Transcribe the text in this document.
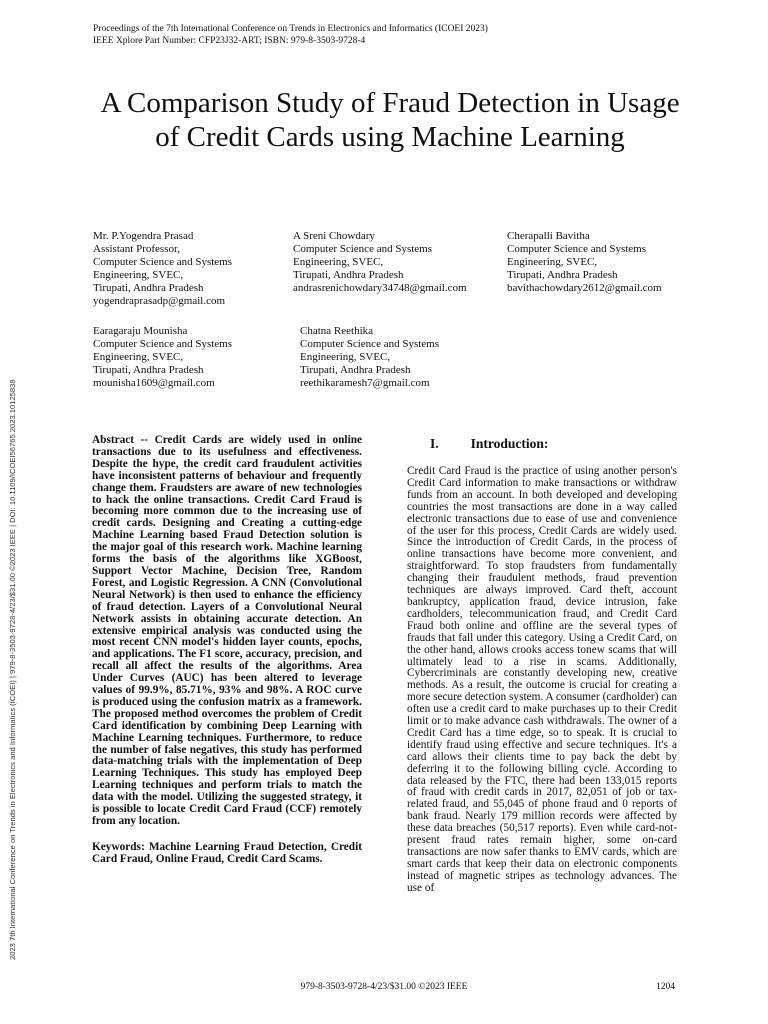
Proceedings of the 7th International Conference on Trends in Electronics and Informatics (ICOEI 2023)
IEEE Xplore Part Number: CFP23J32-ART; ISBN: 979-8-3503-9728-4
A Comparison Study of Fraud Detection in Usage of Credit Cards using Machine Learning
Mr. P.Yogendra Prasad
Assistant Professor,
Computer Science and Systems
Engineering, SVEC,
Tirupati, Andhra Pradesh
yogendraprasadp@gmail.com
A Sreni Chowdary
Computer Science and Systems
Engineering, SVEC,
Tirupati, Andhra Pradesh
andrasrenichowdary34748@gmail.com
Cherapalli Bavitha
Computer Science and Systems
Engineering, SVEC,
Tirupati, Andhra Pradesh
bavithachowdary2612@gmail.com
Earagaraju Mounisha
Computer Science and Systems
Engineering, SVEC,
Tirupati, Andhra Pradesh
mounisha1609@gmail.com
Chatna Reethika
Computer Science and Systems
Engineering, SVEC,
Tirupati, Andhra Pradesh
reethikaramesh7@gmail.com
2023 7th International Conference on Trends in Electronics and Informatics (ICOEI) | 979-8-3503-9728-4/23/$31.00 ©2023 IEEE | DOI: 10.1109/ICOEI56765.2023.10125838	Abstract -- Credit Cards are widely used in online transactions due to its usefulness and effectiveness. Despite the hype, the credit card fraudulent activities have inconsistent patterns of behaviour and frequently change them. Fraudsters are aware of new technologies to hack the online transactions. Credit Card Fraud is becoming more common due to the increasing use of credit cards. Designing and Creating a cutting-edge Machine Learning based Fraud Detection solution is the major goal of this research work. Machine learning forms the basis of the algorithms like XGBoost, Support Vector Machine, Decision Tree, Random Forest, and Logistic Regression. A CNN (Convolutional Neural Network) is then used to enhance the efficiency of fraud detection. Layers of a Convolutional Neural Network assists in obtaining accurate detection. An extensive empirical analysis was conducted using the most recent CNN model's hidden layer counts, epochs, and applications. The F1 score, accuracy, precision, and recall all affect the results of the algorithms. Area Under Curves (AUC) has been altered to leverage values of 99.9%, 85.71%, 93% and 98%. A ROC curve is produced using the confusion matrix as a framework. The proposed method overcomes the problem of Credit Card identification by combining Deep Learning with Machine Learning techniques. Furthermore, to reduce the number of false negatives, this study has performed data-matching trials with the implementation of Deep Learning Techniques. This study has employed Deep Learning techniques and perform trials to match the data with the model. Utilizing the suggested strategy, it is possible to locate Credit Card Fraud (CCF) remotely from any location.
Keywords: Machine Learning Fraud Detection, Credit Card Fraud, Online Fraud, Credit Card Scams.
I. Introduction:
Credit Card Fraud is the practice of using another person's Credit Card information to make transactions or withdraw funds from an account. In both developed and developing countries the most transactions are done in a way called electronic transactions due to ease of use and convenience of the user for this process, Credit Cards are widely used. Since the introduction of Credit Cards, in the process of online transactions have become more convenient, and straightforward. To stop fraudsters from fundamentally changing their fraudulent methods, fraud prevention techniques are always improved. Card theft, account bankruptcy, application fraud, device intrusion, fake cardholders, telecommunication fraud, and Credit Card Fraud both online and offline are the several types of frauds that fall under this category. Using a Credit Card, on the other hand, allows crooks access tonew scams that will ultimately lead to a rise in scams. Additionally, Cybercriminals are constantly developing new, creative methods. As a result, the outcome is crucial for creating a more secure detection system. A consumer (cardholder) can often use a credit card to make purchases up to their Credit limit or to make advance cash withdrawals. The owner of a Credit Card has a time edge, so to speak. It is crucial to identify fraud using effective and secure techniques. It's a card allows their clients time to pay back the debt by deferring it to the following billing cycle. According to data released by the FTC, there had been 133,015 reports of fraud with credit cards in 2017, 82,051 of job or tax-related fraud, and 55,045 of phone fraud and 0 reports of bank fraud. Nearly 179 million records were affected by these data breaches (50,517 reports). Even while card-not-present fraud rates remain higher, some on-card transactions are now safer thanks to EMV cards, which are smart cards that keep their data on electronic components instead of magnetic stripes as technology advances. The use of
979-8-3503-9728-4/23/$31.00 ©2023 IEEE	1204
